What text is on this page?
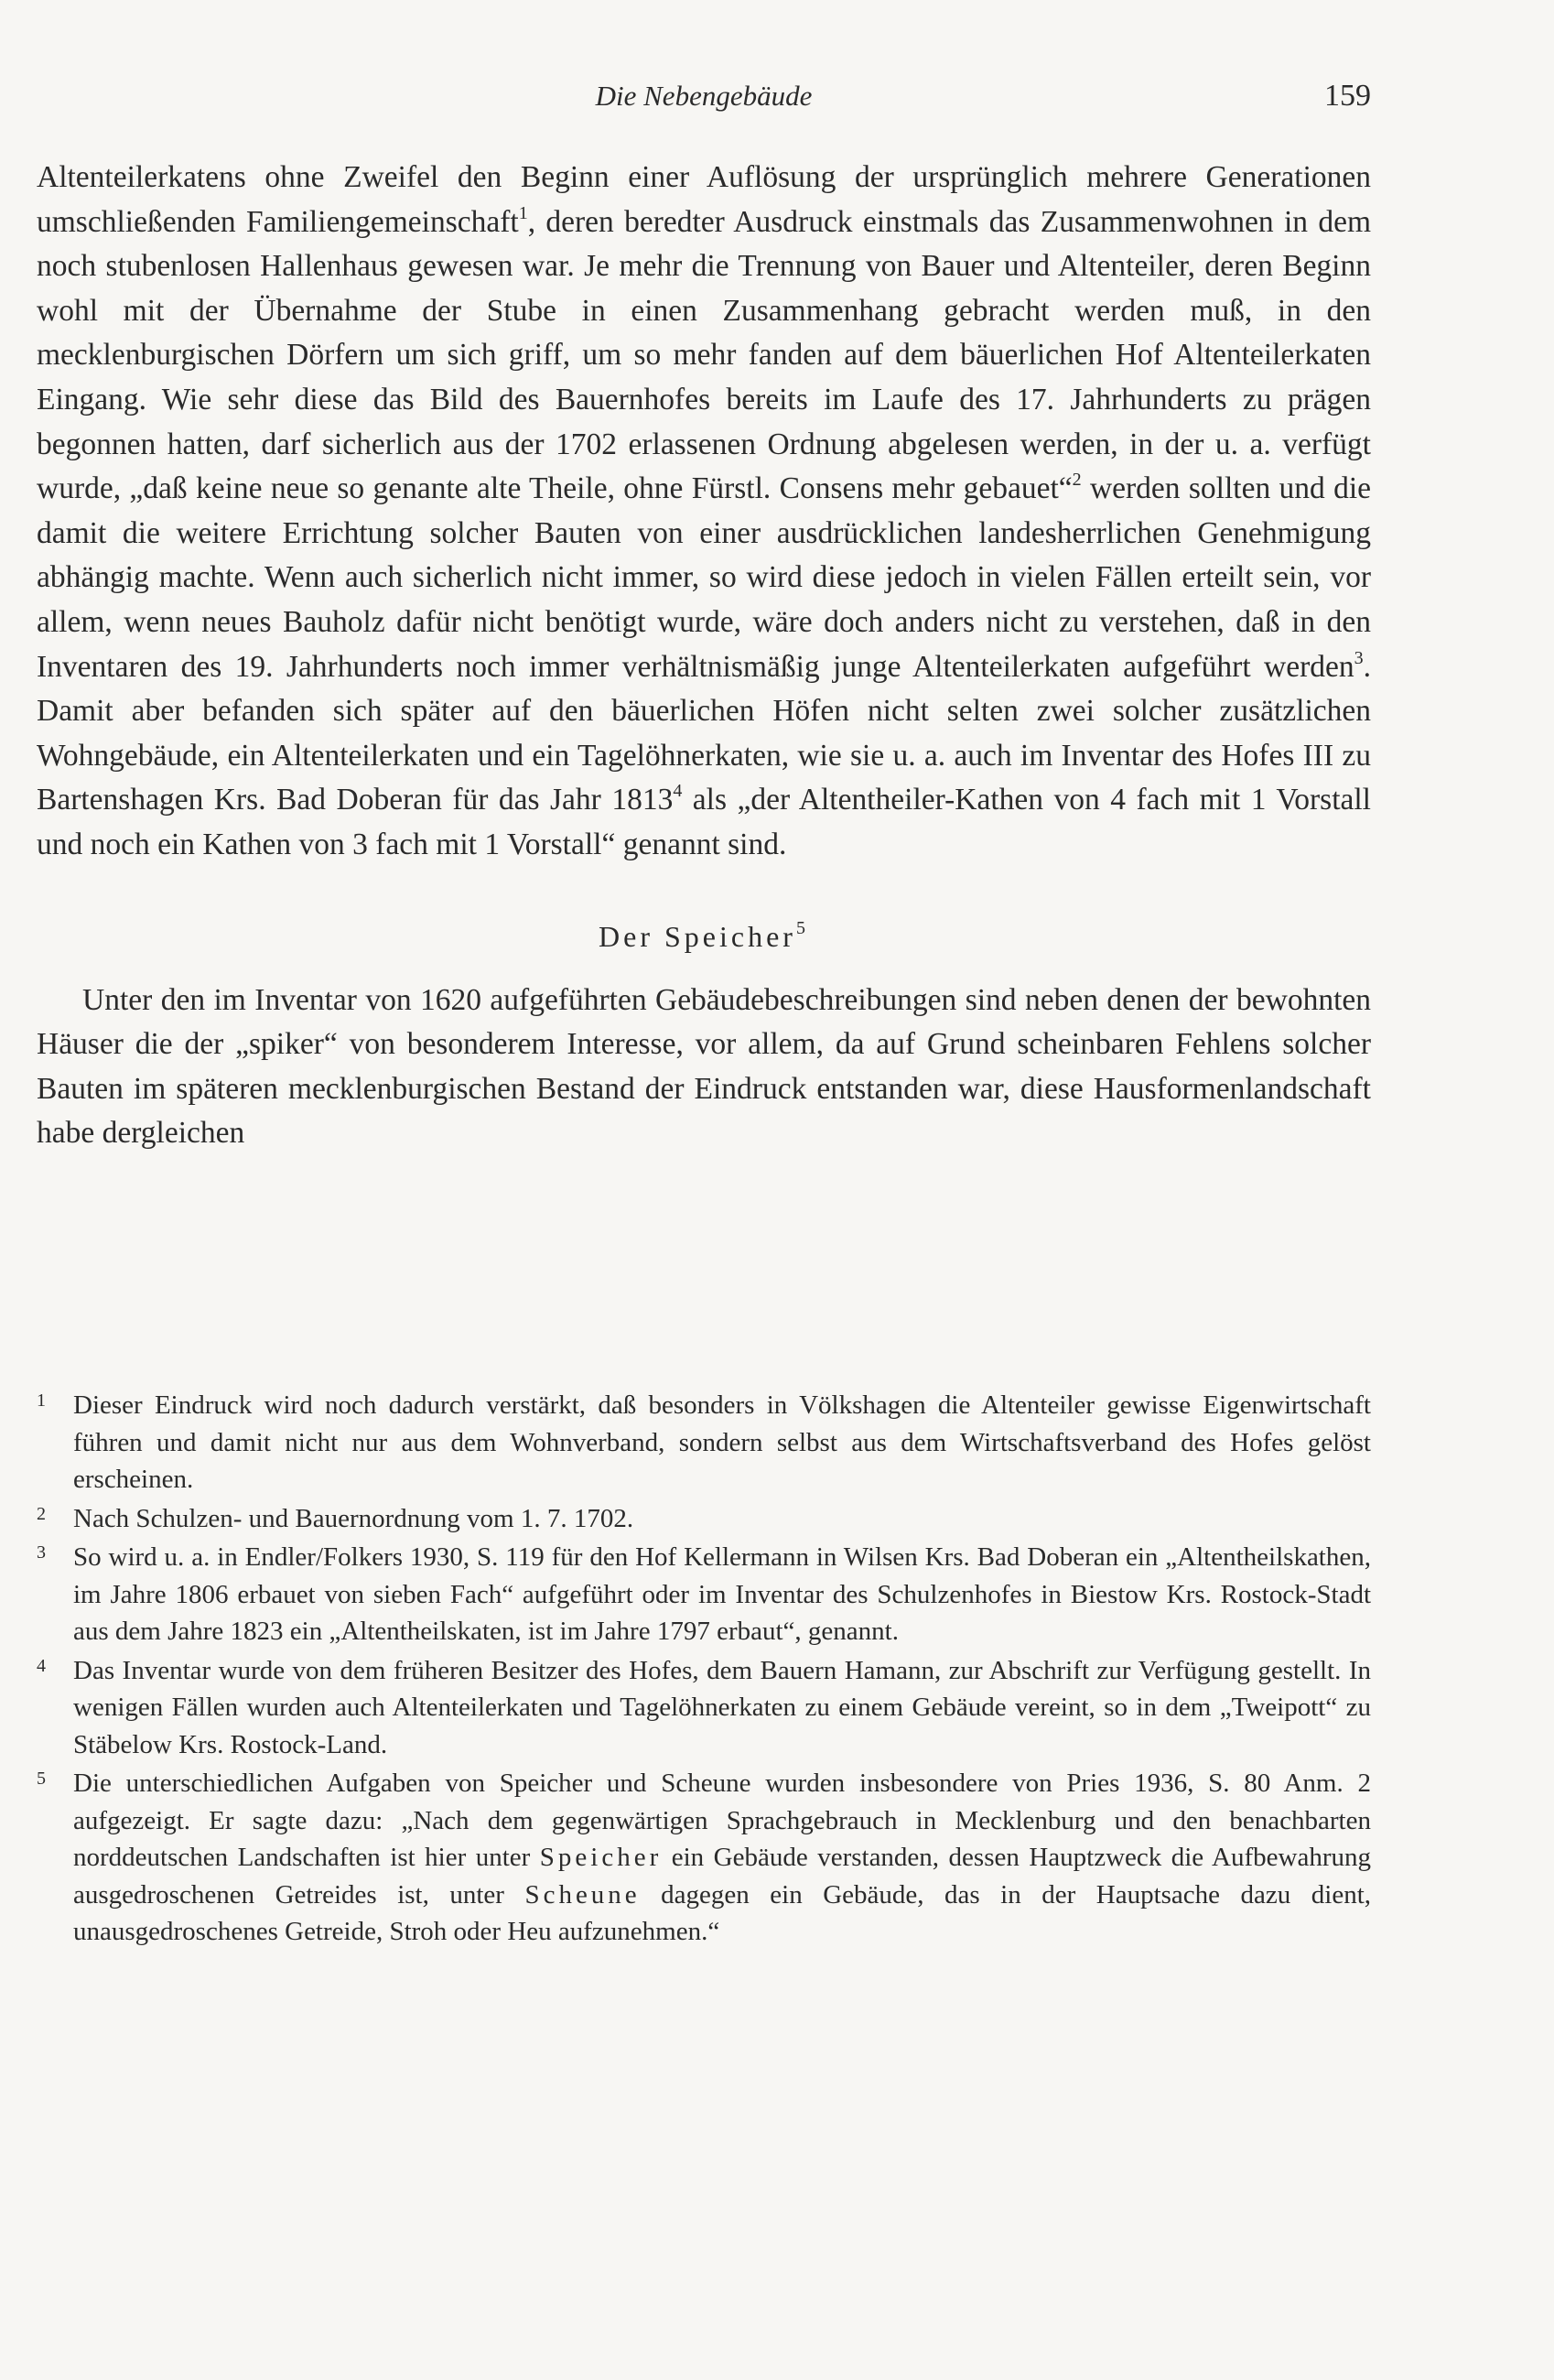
Die Nebengebäude	159

Altenteilerkatens ohne Zweifel den Beginn einer Auflösung der ursprünglich mehrere Generationen umschließenden Familiengemeinschaft$^1$, deren beredter Ausdruck einstmals das Zusammenwohnen in dem noch stubenlosen Hallenhaus gewesen war. Je mehr die Trennung von Bauer und Altenteiler, deren Beginn wohl mit der Übernahme der Stube in einen Zusammenhang gebracht werden muß, in den mecklenburgischen Dörfern um sich griff, um so mehr fanden auf dem bäuerlichen Hof Altenteilerkaten Eingang. Wie sehr diese das Bild des Bauernhofes bereits im Laufe des 17. Jahrhunderts zu prägen begonnen hatten, darf sicherlich aus der 1702 erlassenen Ordnung abgelesen werden, in der u. a. verfügt wurde, „daß keine neue so genante alte Theile, ohne Fürstl. Consens mehr gebauet“$^2$ werden sollten und die damit die weitere Errichtung solcher Bauten von einer ausdrücklichen landesherrlichen Genehmigung abhängig machte. Wenn auch sicherlich nicht immer, so wird diese jedoch in vielen Fällen erteilt sein, vor allem, wenn neues Bauholz dafür nicht benötigt wurde, wäre doch anders nicht zu verstehen, daß in den Inventaren des 19. Jahrhunderts noch immer verhältnismäßig junge Altenteilerkaten aufgeführt werden$^3$. Damit aber befanden sich später auf den bäuerlichen Höfen nicht selten zwei solcher zusätzlichen Wohngebäude, ein Altenteilerkaten und ein Tagelöhnerkaten, wie sie u. a. auch im Inventar des Hofes III zu Bartenshagen Krs. Bad Doberan für das Jahr 1813$^4$ als „der Altentheiler-Kathen von 4 fach mit 1 Vorstall und noch ein Kathen von 3 fach mit 1 Vorstall“ genannt sind.

Der Speicher$^5$

Unter den im Inventar von 1620 aufgeführten Gebäudebeschreibungen sind neben denen der bewohnten Häuser die der „spiker“ von besonderem Interesse, vor allem, da auf Grund scheinbaren Fehlens solcher Bauten im späteren mecklenburgischen Bestand der Eindruck entstanden war, diese Hausformenlandschaft habe dergleichen

1 Dieser Eindruck wird noch dadurch verstärkt, daß besonders in Völkshagen die Altenteiler gewisse Eigenwirtschaft führen und damit nicht nur aus dem Wohnverband, sondern selbst aus dem Wirtschaftsverband des Hofes gelöst erscheinen.
2 Nach Schulzen- und Bauernordnung vom 1. 7. 1702.
3 So wird u. a. in Endler/Folkers 1930, S. 119 für den Hof Kellermann in Wilsen Krs. Bad Doberan ein „Altentheilskathen, im Jahre 1806 erbauet von sieben Fach“ aufgeführt oder im Inventar des Schulzenhofes in Biestow Krs. Rostock-Stadt aus dem Jahre 1823 ein „Altentheilskaten, ist im Jahre 1797 erbaut“, genannt.
4 Das Inventar wurde von dem früheren Besitzer des Hofes, dem Bauern Hamann, zur Abschrift zur Verfügung gestellt. In wenigen Fällen wurden auch Altenteilerkaten und Tagelöhnerkaten zu einem Gebäude vereint, so in dem „Tweipott“ zu Stäbelow Krs. Rostock-Land.
5 Die unterschiedlichen Aufgaben von Speicher und Scheune wurden insbesondere von Pries 1936, S. 80 Anm. 2 aufgezeigt. Er sagte dazu: „Nach dem gegenwärtigen Sprachgebrauch in Mecklenburg und den benachbarten norddeutschen Landschaften ist hier unter Speicher ein Gebäude verstanden, dessen Hauptzweck die Aufbewahrung ausgedroschenen Getreides ist, unter Scheune dagegen ein Gebäude, das in der Hauptsache dazu dient, unausgedroschenes Getreide, Stroh oder Heu aufzunehmen.“
